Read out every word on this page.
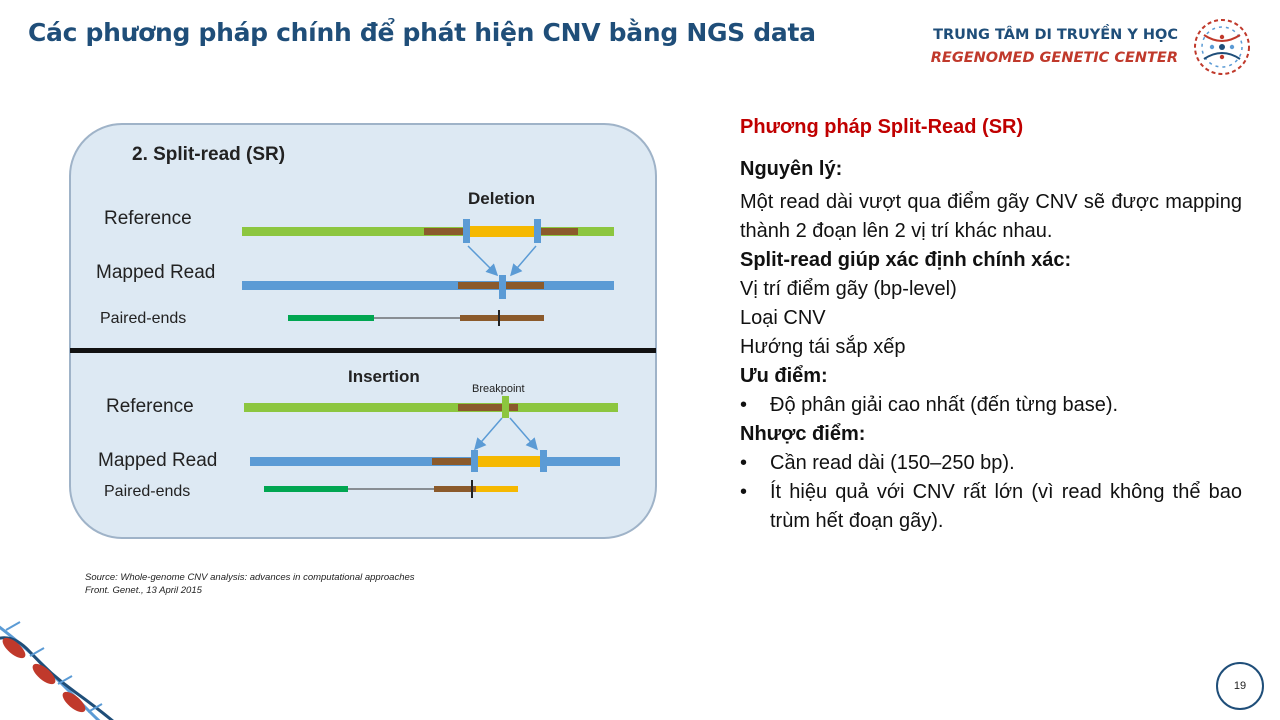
Các phương pháp chính để phát hiện CNV bằng NGS data	TRUNG TÂM DI TRUYỀN Y HỌC
REGENOMED GENETIC CENTER
2. Split-read (SR)
Deletion
Reference
Mapped Read
Paired-ends
Insertion
Breakpoint
Reference
Mapped Read
Paired-ends
Source: Whole-genome CNV analysis: advances in computational approaches
Front. Genet., 13 April 2015
Phương pháp Split-Read (SR)
Nguyên lý:
Một read dài vượt qua điểm gãy CNV sẽ được mapping thành 2 đoạn lên 2 vị trí khác nhau.
Split-read giúp xác định chính xác:
Vị trí điểm gãy (bp-level)
Loại CNV
Hướng tái sắp xếp
Ưu điểm:
•	Độ phân giải cao nhất (đến từng base).
Nhược điểm:
•	Cần read dài (150–250 bp).
•	Ít hiệu quả với CNV rất lớn (vì read không thể bao trùm hết đoạn gãy).
19
